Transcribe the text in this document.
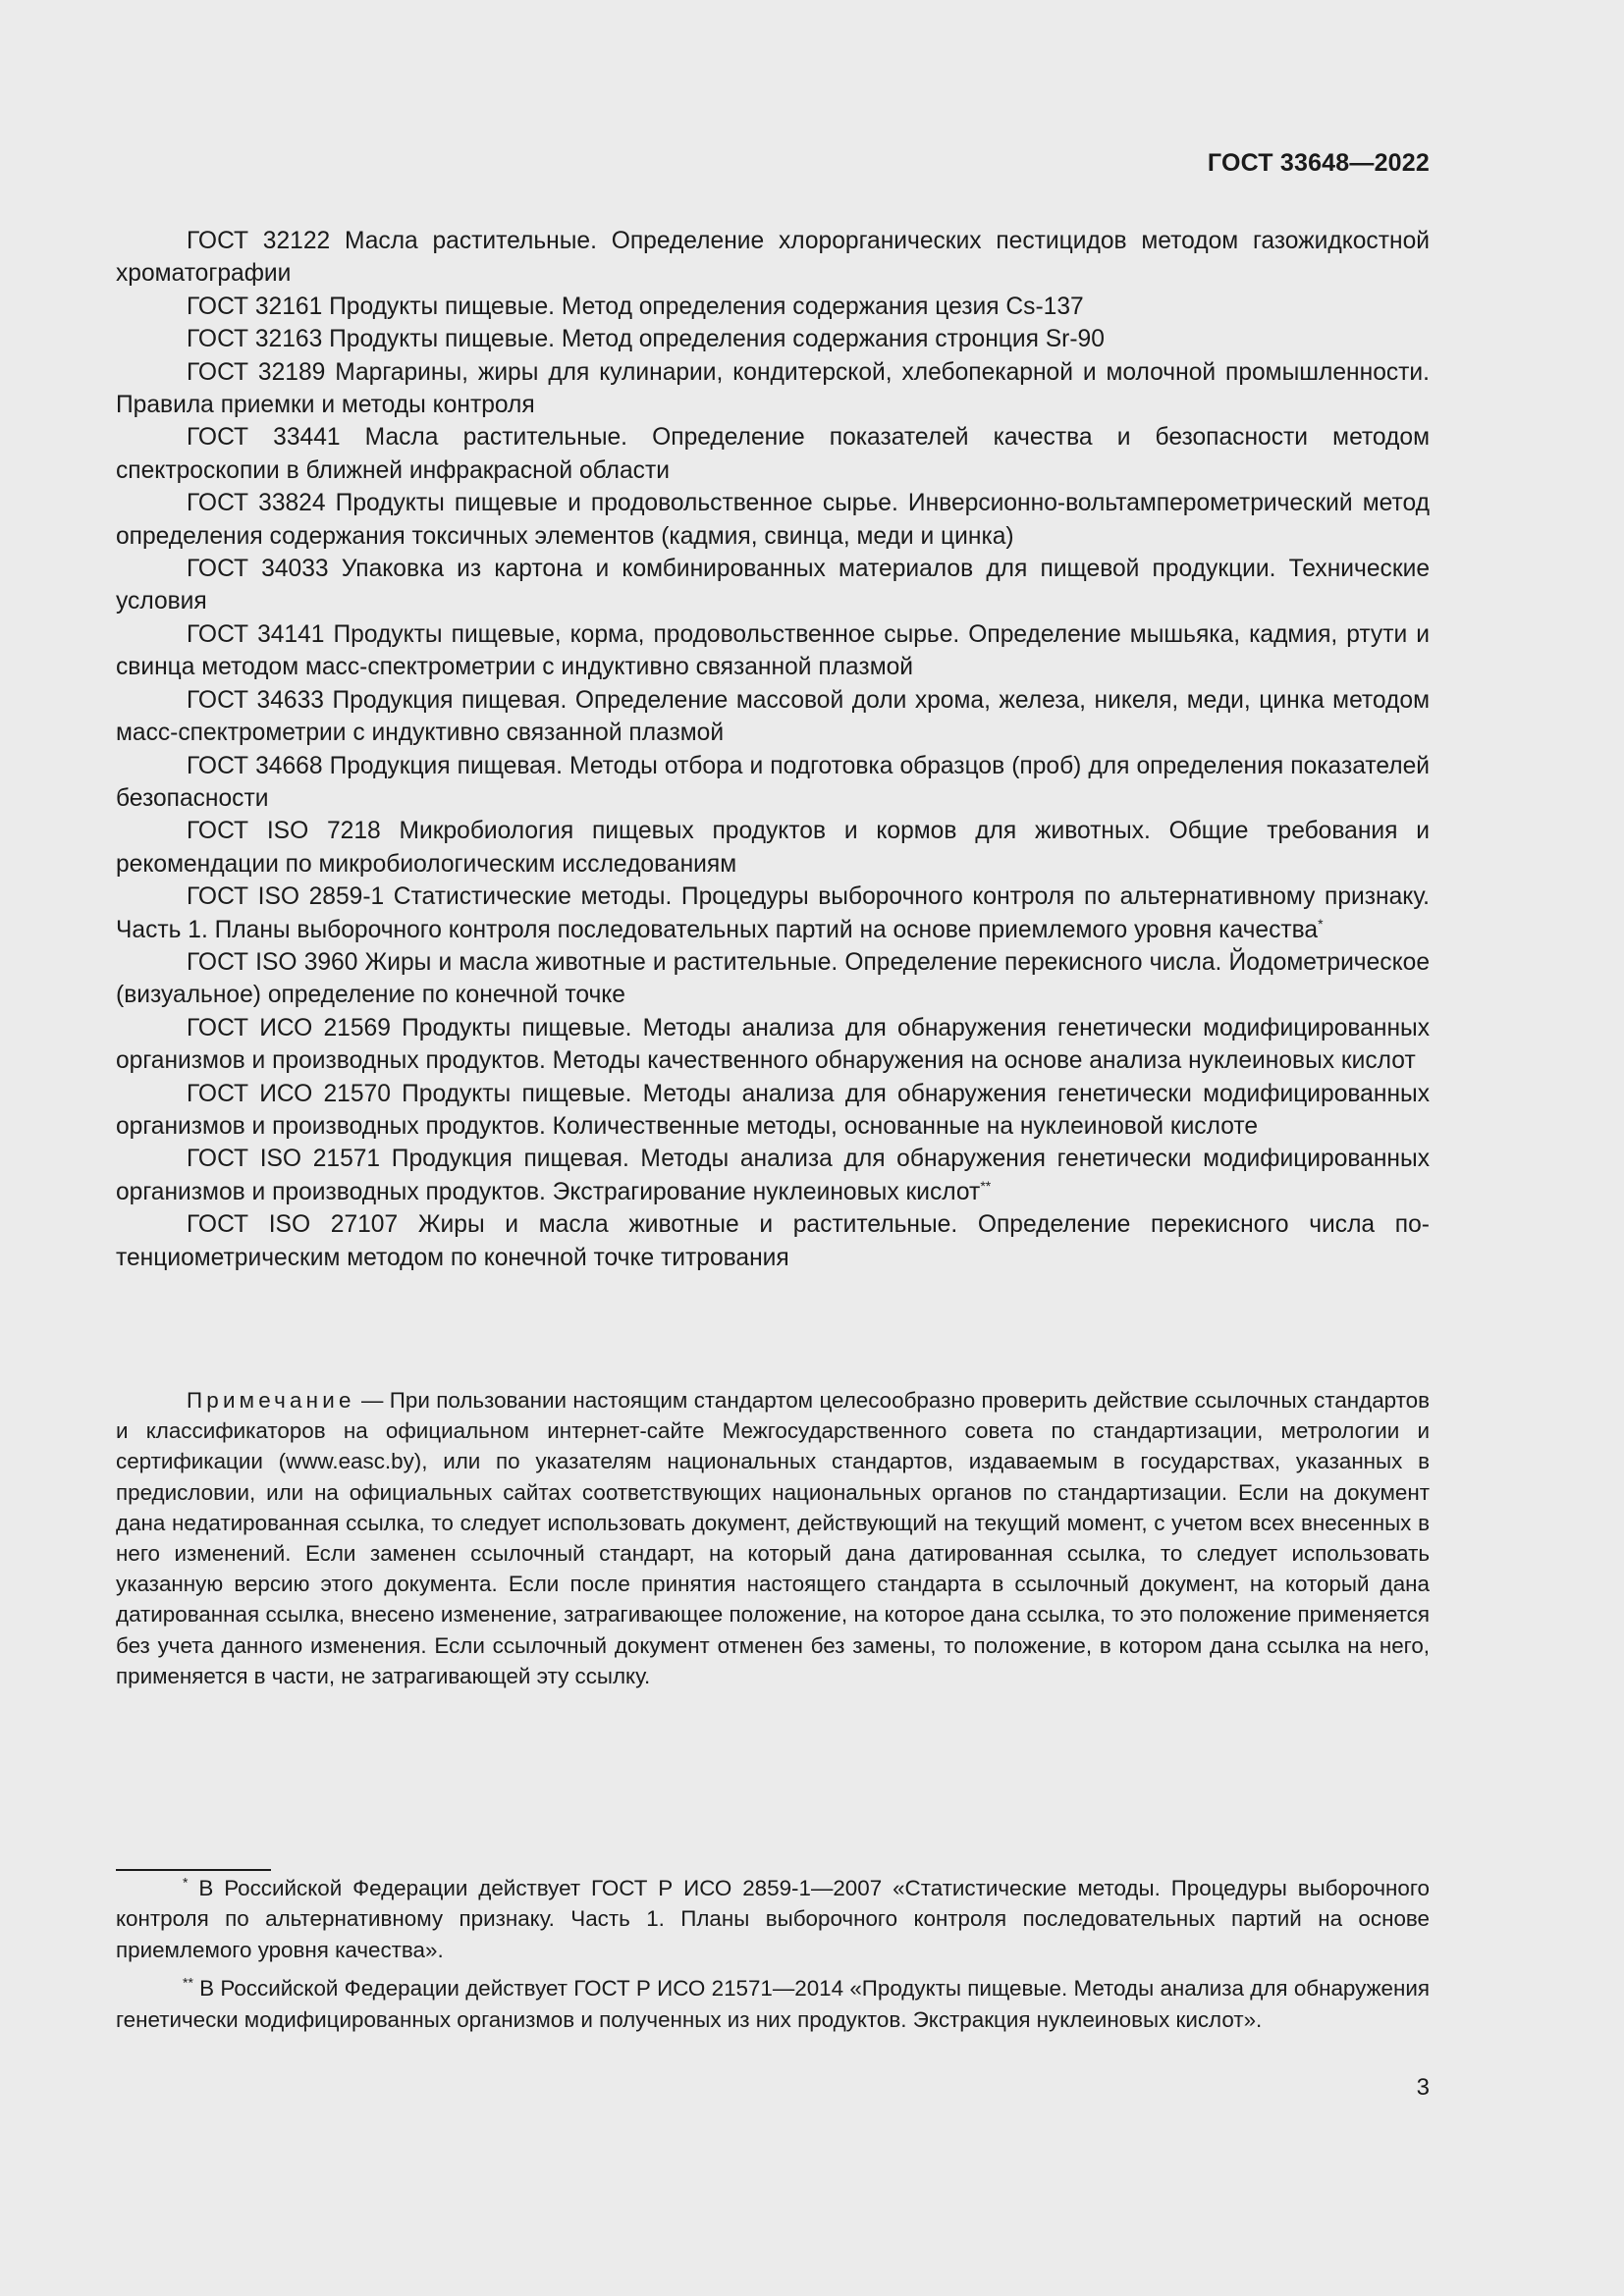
ГОСТ 33648—2022

ГОСТ 32122 Масла растительные. Определение хлорорганических пестицидов методом газожидкостной хроматографии

ГОСТ 32161 Продукты пищевые. Метод определения содержания цезия Cs-137

ГОСТ 32163 Продукты пищевые. Метод определения содержания стронция Sr-90

ГОСТ 32189 Маргарины, жиры для кулинарии, кондитерской, хлебопекарной и молочной промышленности. Правила приемки и методы контроля

ГОСТ 33441 Масла растительные. Определение показателей качества и безопасности методом спектроскопии в ближней инфракрасной области

ГОСТ 33824 Продукты пищевые и продовольственное сырье. Инверсионно-вольтамперометрический метод определения содержания токсичных элементов (кадмия, свинца, меди и цинка)

ГОСТ 34033 Упаковка из картона и комбинированных материалов для пищевой продукции. Технические условия

ГОСТ 34141 Продукты пищевые, корма, продовольственное сырье. Определение мышьяка, кадмия, ртути и свинца методом масс-спектрометрии с индуктивно связанной плазмой

ГОСТ 34633 Продукция пищевая. Определение массовой доли хрома, железа, никеля, меди, цинка методом масс-спектрометрии с индуктивно связанной плазмой

ГОСТ 34668 Продукция пищевая. Методы отбора и подготовка образцов (проб) для определения показателей безопасности

ГОСТ ISO 7218 Микробиология пищевых продуктов и кормов для животных. Общие требования и рекомендации по микробиологическим исследованиям

ГОСТ ISO 2859-1 Статистические методы. Процедуры выборочного контроля по альтернативному признаку. Часть 1. Планы выборочного контроля последовательных партий на основе приемлемого уровня качества*

ГОСТ ISO 3960 Жиры и масла животные и растительные. Определение перекисного числа. Йодометрическое (визуальное) определение по конечной точке

ГОСТ ИСО 21569 Продукты пищевые. Методы анализа для обнаружения генетически модифицированных организмов и производных продуктов. Методы качественного обнаружения на основе анализа нуклеиновых кислот

ГОСТ ИСО 21570 Продукты пищевые. Методы анализа для обнаружения генетически модифицированных организмов и производных продуктов. Количественные методы, основанные на нуклеиновой кислоте

ГОСТ ISO 21571 Продукция пищевая. Методы анализа для обнаружения генетически модифицированных организмов и производных продуктов. Экстрагирование нуклеиновых кислот**

ГОСТ ISO 27107 Жиры и масла животные и растительные. Определение перекисного числа потенциометрическим методом по конечной точке титрования

Примечание — При пользовании настоящим стандартом целесообразно проверить действие ссылочных стандартов и классификаторов на официальном интернет-сайте Межгосударственного совета по стандартизации, метрологии и сертификации (www.easc.by), или по указателям национальных стандартов, издаваемым в государствах, указанных в предисловии, или на официальных сайтах соответствующих национальных органов по стандартизации. Если на документ дана недатированная ссылка, то следует использовать документ, действующий на текущий момент, с учетом всех внесенных в него изменений. Если заменен ссылочный стандарт, на который дана датированная ссылка, то следует использовать указанную версию этого документа. Если после принятия настоящего стандарта в ссылочный документ, на который дана датированная ссылка, внесено изменение, затрагивающее положение, на которое дана ссылка, то это положение применяется без учета данного изменения. Если ссылочный документ отменен без замены, то положение, в котором дана ссылка на него, применяется в части, не затрагивающей эту ссылку.

* В Российской Федерации действует ГОСТ Р ИСО 2859-1—2007 «Статистические методы. Процедуры выборочного контроля по альтернативному признаку. Часть 1. Планы выборочного контроля последовательных партий на основе приемлемого уровня качества».

** В Российской Федерации действует ГОСТ Р ИСО 21571—2014 «Продукты пищевые. Методы анализа для обнаружения генетически модифицированных организмов и полученных из них продуктов. Экстракция нуклеиновых кислот».

3
